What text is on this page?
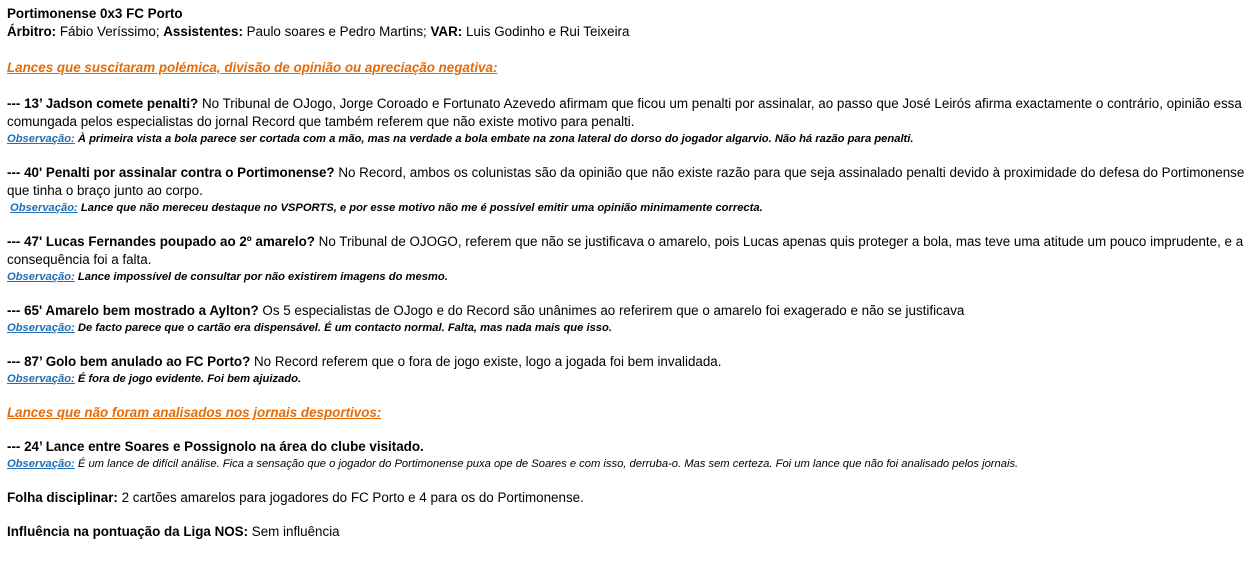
Portimonense 0x3 FC Porto
Árbitro: Fábio Veríssimo; Assistentes: Paulo soares e Pedro Martins; VAR: Luis Godinho e Rui Teixeira
Lances que suscitaram polémica, divisão de opinião ou apreciação negativa:
--- 13’ Jadson comete penalti? No Tribunal de OJogo, Jorge Coroado e Fortunato Azevedo afirmam que ficou um penalti por assinalar, ao passo que José Leirós afirma exactamente o contrário, opinião essa
comungada pelos especialistas do jornal Record que também referem que não existe motivo para penalti.
Observação: À primeira vista a bola parece ser cortada com a mão, mas na verdade a bola embate na zona lateral do dorso do jogador algarvio. Não há razão para penalti.
--- 40' Penalti por assinalar contra o Portimonense? No Record, ambos os colunistas são da opinião que não existe razão para que seja assinalado penalti devido à proximidade do defesa do Portimonense
que tinha o braço junto ao corpo.
Observação: Lance que não mereceu destaque no VSPORTS, e por esse motivo não me é possível emitir uma opinião minimamente correcta.
--- 47' Lucas Fernandes poupado ao 2º amarelo? No Tribunal de OJOGO, referem que não se justificava o amarelo, pois Lucas apenas quis proteger a bola, mas teve uma atitude um pouco imprudente, e a
consequência foi a falta.
Observação: Lance impossível de consultar por não existirem imagens do mesmo.
--- 65' Amarelo bem mostrado a Aylton? Os 5 especialistas de OJogo e do Record são unânimes ao referirem que o amarelo foi exagerado e não se justificava
Observação: De facto parece que o cartão era dispensável. É um contacto normal. Falta, mas nada mais que isso.
--- 87’ Golo bem anulado ao FC Porto? No Record referem que o fora de jogo existe, logo a jogada foi bem invalidada.
Observação: É fora de jogo evidente. Foi bem ajuizado.
Lances que não foram analisados nos jornais desportivos:
--- 24’ Lance entre Soares e Possignolo na área do clube visitado.
Observação: É um lance de difícil análise. Fica a sensação que o jogador do Portimonense puxa ope de Soares e com isso, derruba-o. Mas sem certeza. Foi um lance que não foi analisado pelos jornais.
Folha disciplinar: 2 cartões amarelos para jogadores do FC Porto e 4 para os do Portimonense.
Influência na pontuação da Liga NOS: Sem influência
